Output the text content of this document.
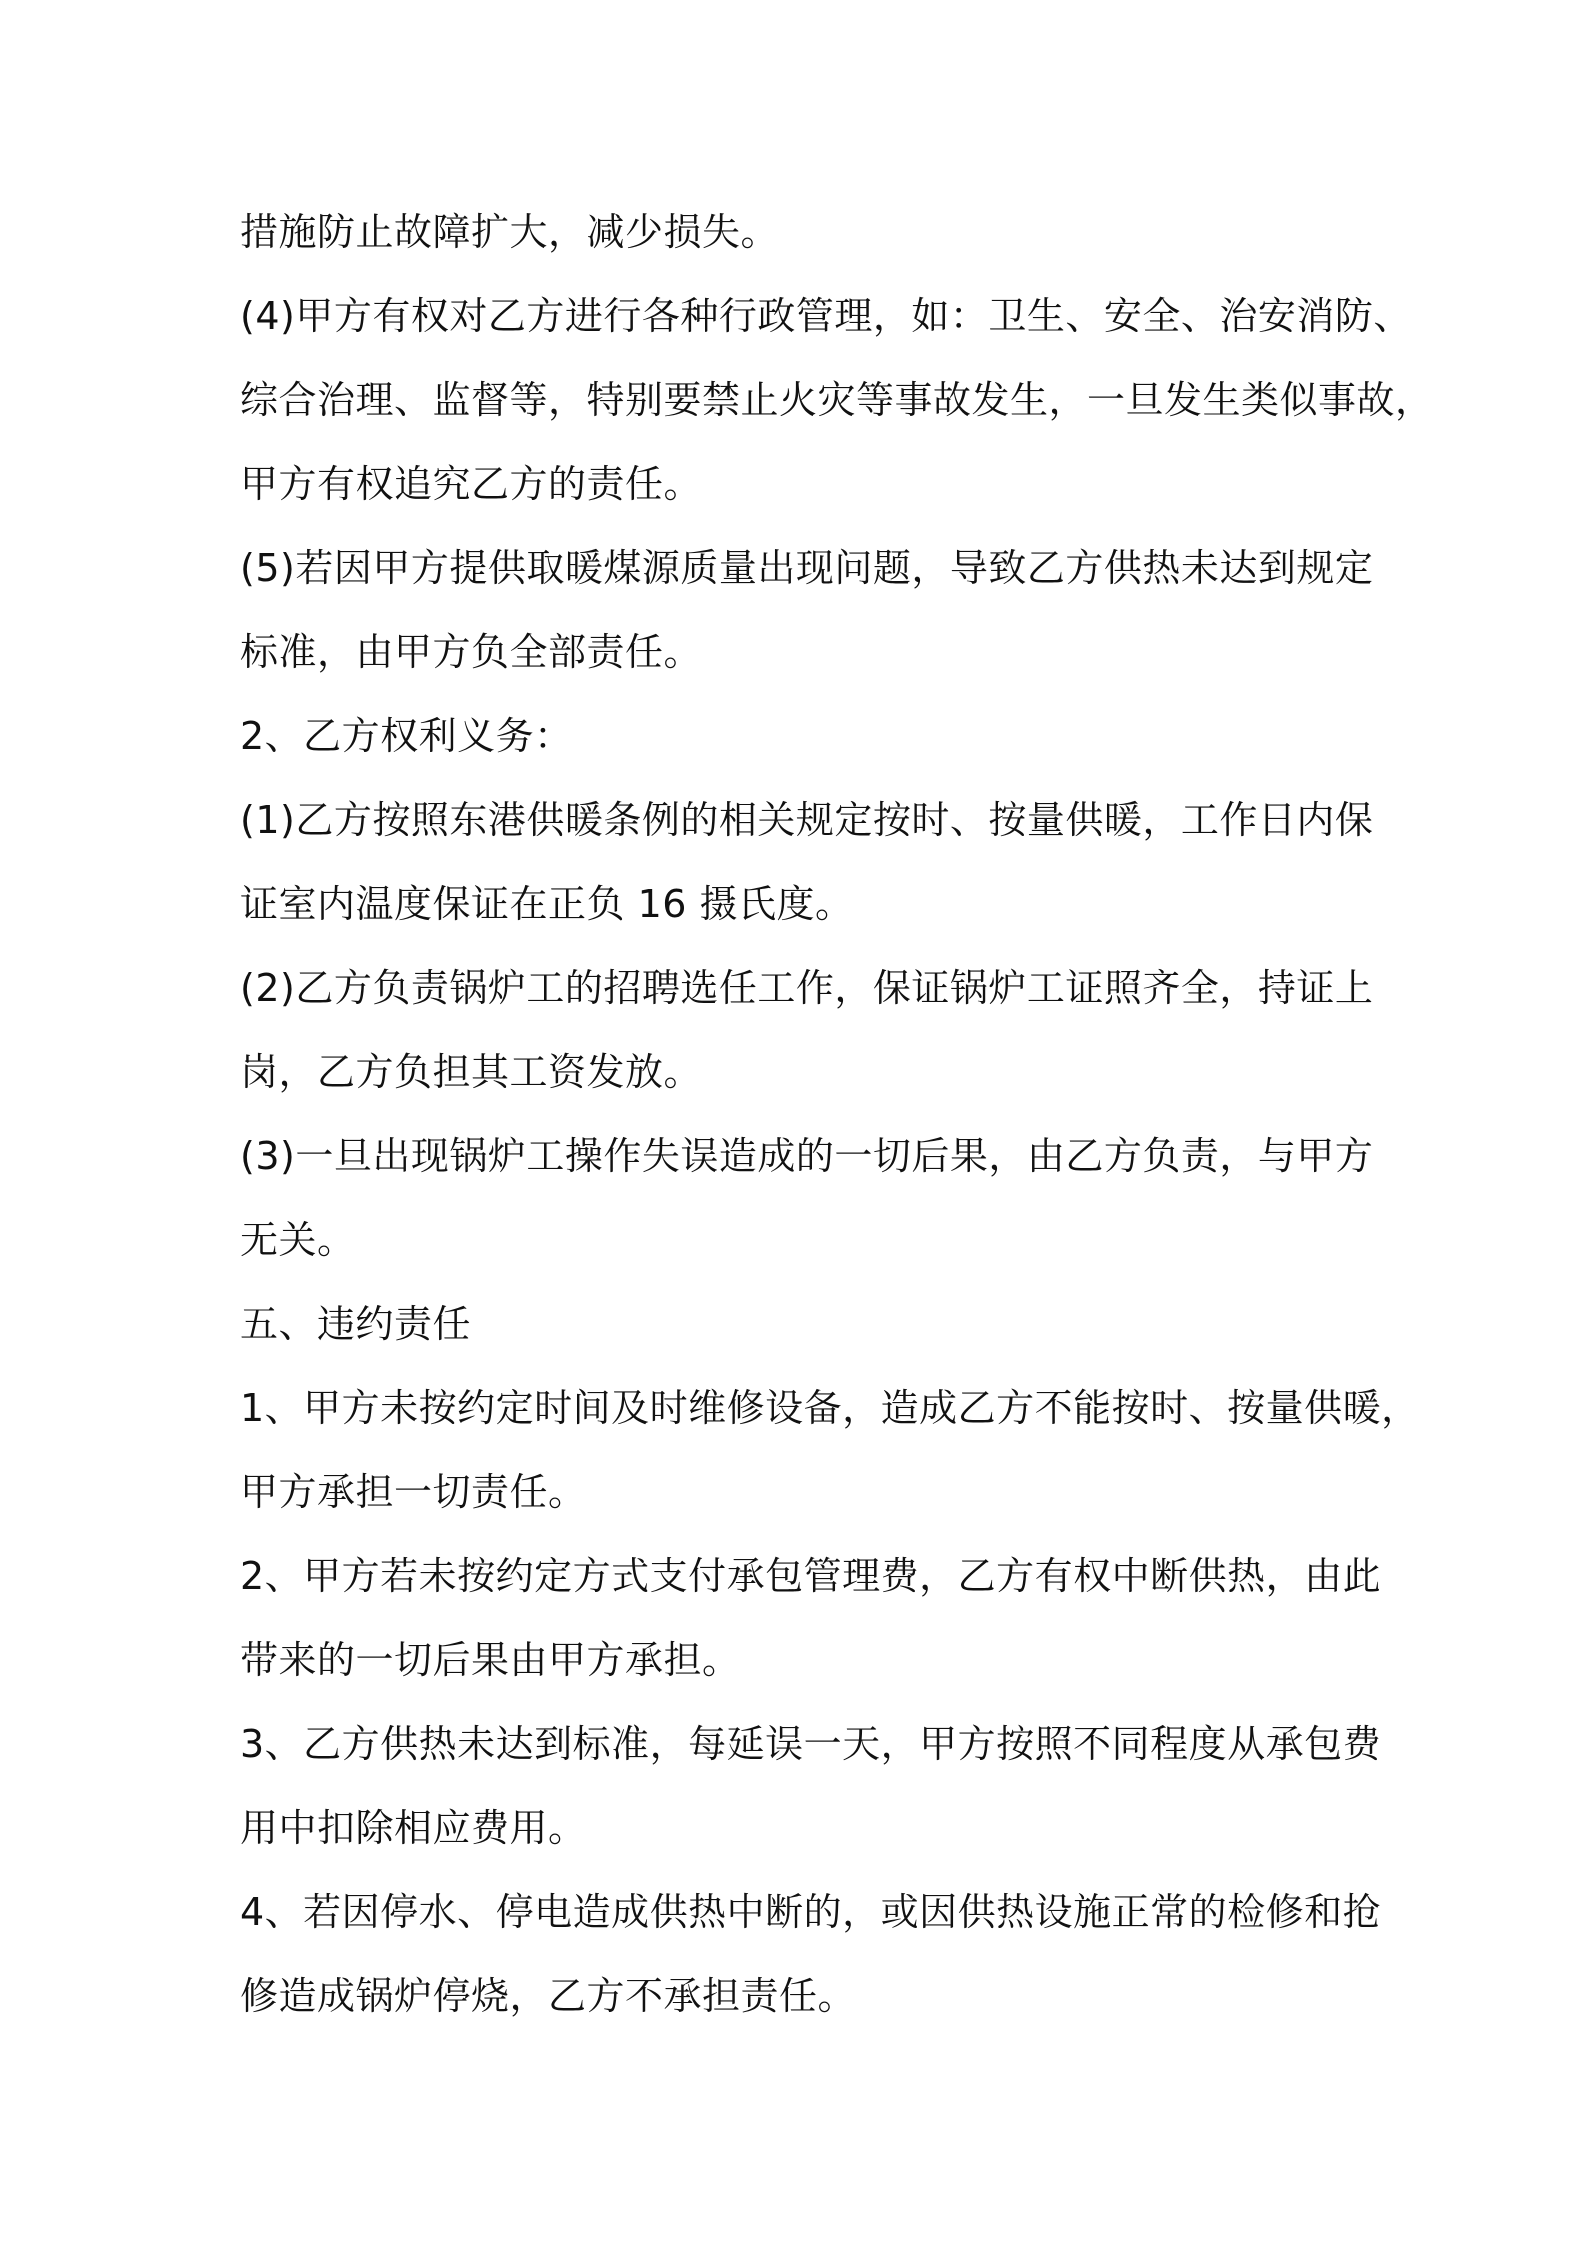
措施防止故障扩大，减少损失。
(4)甲方有权对乙方进行各种行政管理，如：卫生、安全、治安消防、
综合治理、监督等，特别要禁止火灾等事故发生，一旦发生类似事故，
甲方有权追究乙方的责任。
(5)若因甲方提供取暖煤源质量出现问题，导致乙方供热未达到规定
标准，由甲方负全部责任。
2、乙方权利义务：
(1)乙方按照东港供暖条例的相关规定按时、按量供暖，工作日内保
证室内温度保证在正负 16 摄氏度。
(2)乙方负责锅炉工的招聘选任工作，保证锅炉工证照齐全，持证上
岗，乙方负担其工资发放。
(3)一旦出现锅炉工操作失误造成的一切后果，由乙方负责，与甲方
无关。
五、违约责任
1、甲方未按约定时间及时维修设备，造成乙方不能按时、按量供暖，
甲方承担一切责任。
2、甲方若未按约定方式支付承包管理费，乙方有权中断供热，由此
带来的一切后果由甲方承担。
3、乙方供热未达到标准，每延误一天，甲方按照不同程度从承包费
用中扣除相应费用。
4、若因停水、停电造成供热中断的，或因供热设施正常的检修和抢
修造成锅炉停烧，乙方不承担责任。
